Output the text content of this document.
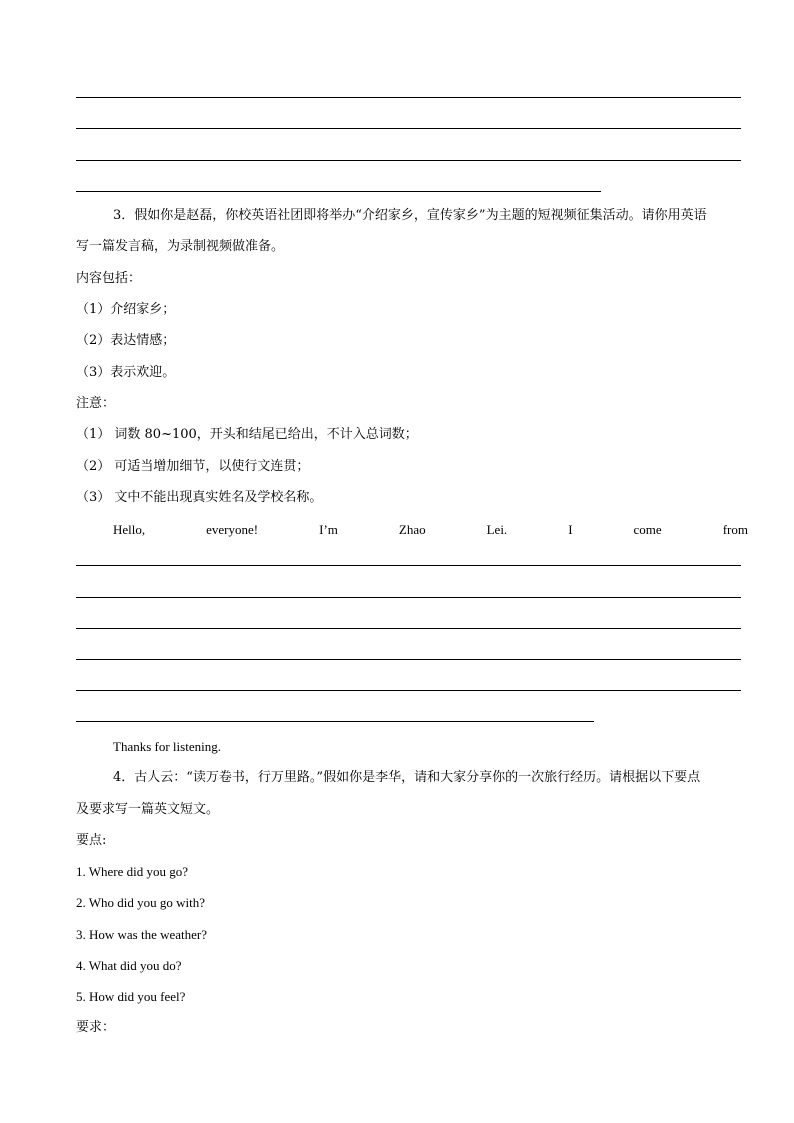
3．假如你是赵磊，你校英语社团即将举办“介绍家乡，宣传家乡”为主题的短视频征集活动。请你用英语
写一篇发言稿，为录制视频做准备。
内容包括：
（1）介绍家乡；
（2）表达情感；
（3）表示欢迎。
注意：
（1） 词数 80~100，开头和结尾已给出，不计入总词数；
（2） 可适当增加细节，以使行文连贯；
（3） 文中不能出现真实姓名及学校名称。
Hello,	everyone!	I’m	Zhao	Lei.	I	come	from
Thanks for listening.
4．古人云：“读万卷书，行万里路。”假如你是李华，请和大家分享你的一次旅行经历。请根据以下要点
及要求写一篇英文短文。
要点:
1. Where did you go?
2. Who did you go with?
3. How was the weather?
4. What did you do?
5. How did you feel?
要求：
